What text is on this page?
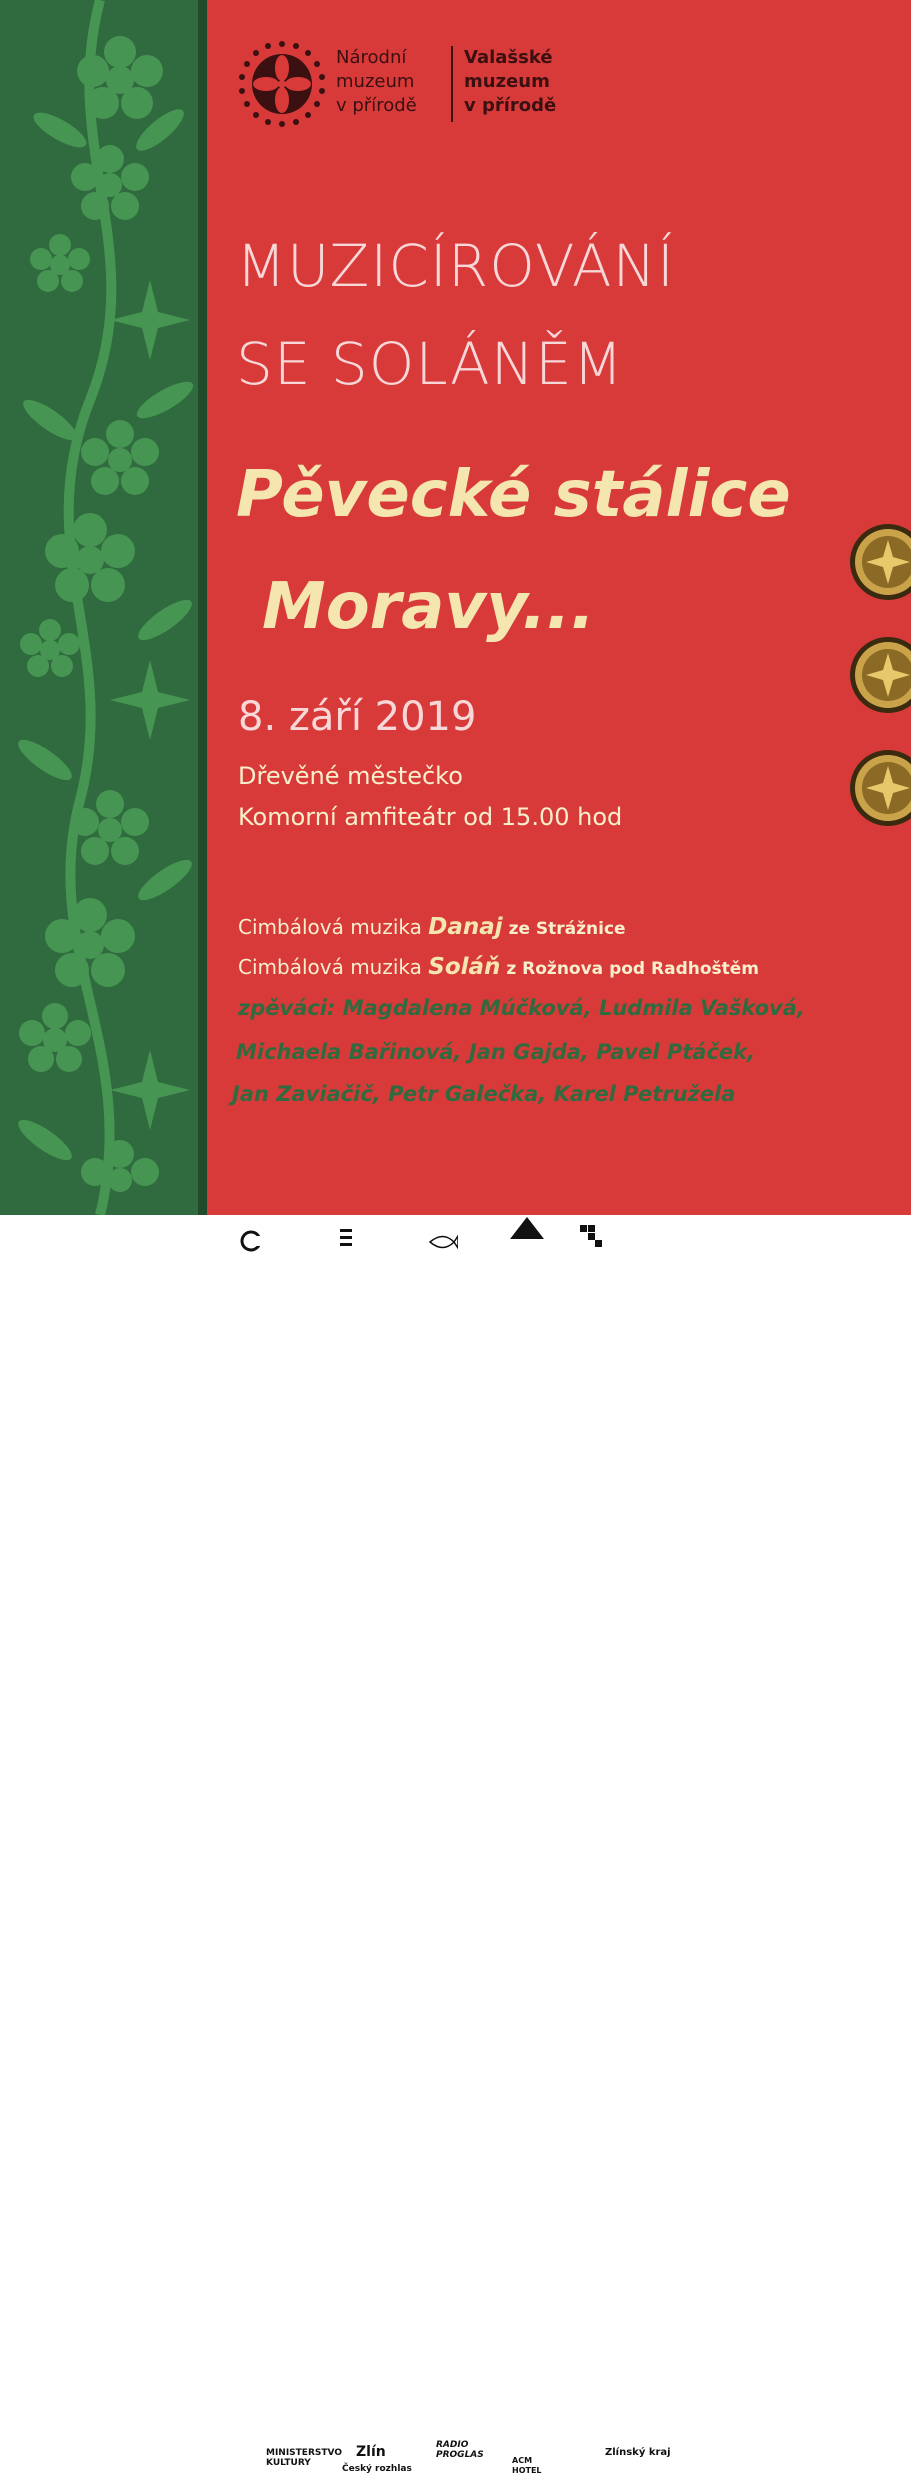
Národní
muzeum
v přírodě
Valašské
muzeum
v přírodě
MUZICÍROVÁNÍ
SE SOLÁNĚM
Pěvecké stálice
Moravy...
8. září 2019
Dřevěné městečko
Komorní amfiteátr od 15.00 hod
Cimbálová muzika Danaj ze Strážnice
Cimbálová muzika Soláň z Rožnova pod Radhoštěm
zpěváci: Magdalena Múčková, Ludmila Vašková,
Michaela Bařinová, Jan Gajda, Pavel Ptáček,
Jan Zaviačič, Petr Galečka, Karel Petružela
MINISTERSTVO
KULTURY
Zlín
Český rozhlas
RADIO
PROGLAS
ACM
HOTEL
Zlínský kraj
